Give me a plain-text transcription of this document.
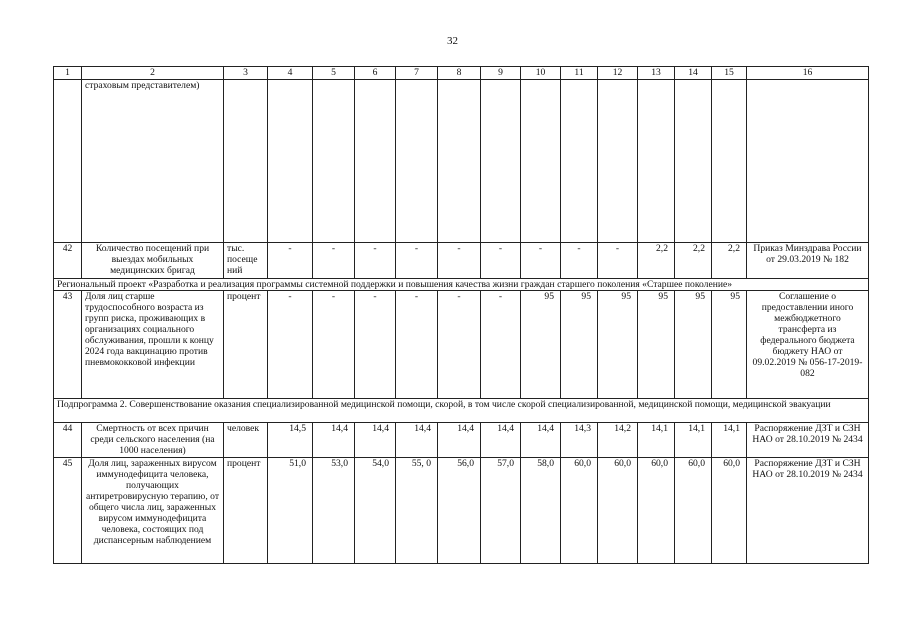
32
1	2	3	4	5	6	7	8	9	10	11	12	13	14	15	16
	страховым представителем)														
42	Количество посещений при выездах мобильных медицинских бригад	тыс. посеще ний	-	-	-	-	-	-	-	-	-	2,2	2,2	2,2	Приказ Минздрава России от 29.03.2019 № 182
Региональный проект «Разработка и реализация программы системной поддержки и повышения качества жизни граждан старшего поколения «Старшее поколение»															
43	Доля лиц старше трудоспособного возраста из групп риска, проживающих в организациях социального обслуживания, прошли к концу 2024 года вакцинацию против пневмококковой инфекции	процент	-	-	-	-	-	-	95	95	95	95	95	95	Соглашение о предоставлении иного межбюджетного трансферта из федерального бюджета бюджету НАО от 09.02.2019 № 056-17-2019-082
Подпрограмма 2. Совершенствование оказания специализированной медицинской помощи, скорой, в том числе скорой специализированной, медицинской помощи, медицинской эвакуации															
44	Смертность от всех причин среди сельского населения (на 1000 населения)	человек	14,5	14,4	14,4	14,4	14,4	14,4	14,4	14,3	14,2	14,1	14,1	14,1	Распоряжение ДЗТ и СЗН НАО от 28.10.2019 № 2434
45	Доля лиц, зараженных вирусом иммунодефицита человека, получающих антиретровирусную терапию, от общего числа лиц, зараженных вирусом иммунодефицита человека, состоящих под диспансерным наблюдением	процент	51,0	53,0	54,0	55, 0	56,0	57,0	58,0	60,0	60,0	60,0	60,0	60,0	Распоряжение ДЗТ и СЗН НАО от 28.10.2019 № 2434
